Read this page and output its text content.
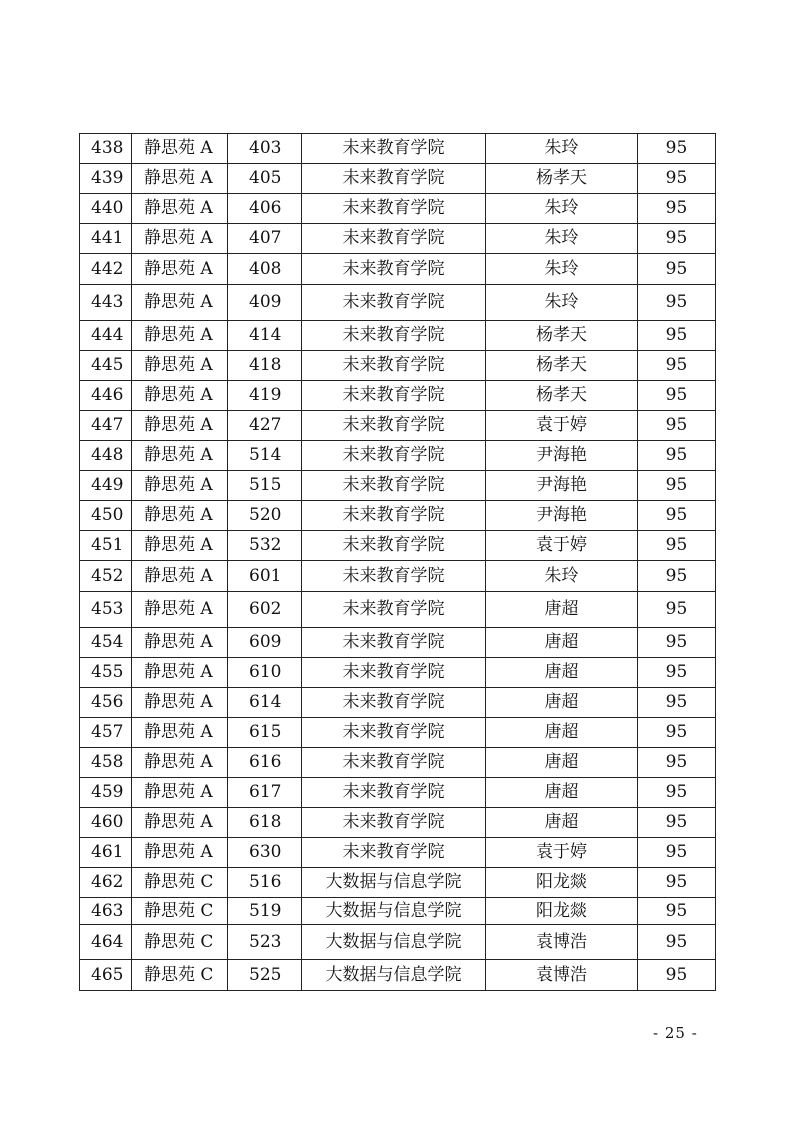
438	静思苑 A	403	未来教育学院	朱玲	95
439	静思苑 A	405	未来教育学院	杨孝天	95
440	静思苑 A	406	未来教育学院	朱玲	95
441	静思苑 A	407	未来教育学院	朱玲	95
442	静思苑 A	408	未来教育学院	朱玲	95
443	静思苑 A	409	未来教育学院	朱玲	95
444	静思苑 A	414	未来教育学院	杨孝天	95
445	静思苑 A	418	未来教育学院	杨孝天	95
446	静思苑 A	419	未来教育学院	杨孝天	95
447	静思苑 A	427	未来教育学院	袁于婷	95
448	静思苑 A	514	未来教育学院	尹海艳	95
449	静思苑 A	515	未来教育学院	尹海艳	95
450	静思苑 A	520	未来教育学院	尹海艳	95
451	静思苑 A	532	未来教育学院	袁于婷	95
452	静思苑 A	601	未来教育学院	朱玲	95
453	静思苑 A	602	未来教育学院	唐超	95
454	静思苑 A	609	未来教育学院	唐超	95
455	静思苑 A	610	未来教育学院	唐超	95
456	静思苑 A	614	未来教育学院	唐超	95
457	静思苑 A	615	未来教育学院	唐超	95
458	静思苑 A	616	未来教育学院	唐超	95
459	静思苑 A	617	未来教育学院	唐超	95
460	静思苑 A	618	未来教育学院	唐超	95
461	静思苑 A	630	未来教育学院	袁于婷	95
462	静思苑 C	516	大数据与信息学院	阳龙燚	95
463	静思苑 C	519	大数据与信息学院	阳龙燚	95
464	静思苑 C	523	大数据与信息学院	袁博浩	95
465	静思苑 C	525	大数据与信息学院	袁博浩	95
- 25 -
